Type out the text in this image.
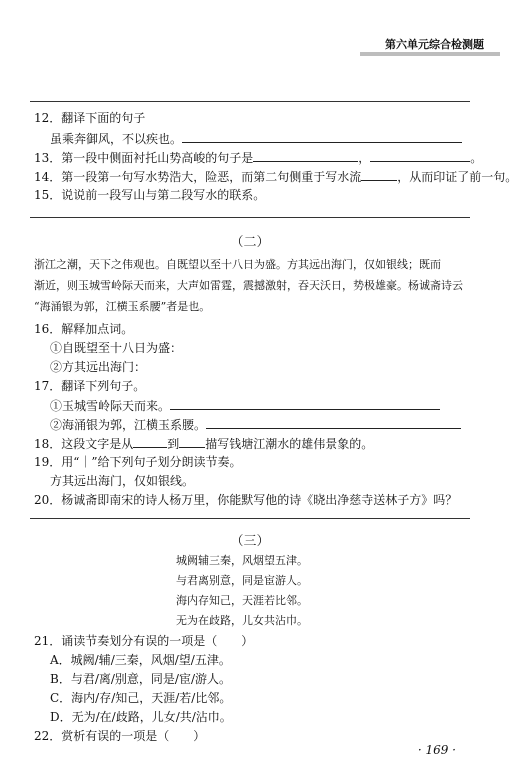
第六单元综合检测题
12．翻译下面的句子
虽乘奔御风，不以疾也。
13．第一段中侧面衬托山势高峻的句子是	，	。
14．第一段第一句写水势浩大，险恶，而第二句侧重于写水流	，从而印证了前一句。
15．说说前一段写山与第二段写水的联系。
（二）
浙江之潮，天下之伟观也。自既望以至十八日为盛。方其远出海门，仅如银线；既而
渐近，则玉城雪岭际天而来，大声如雷霆，震撼激射，吞天沃日，势极雄豪。杨诚斋诗云
“海涌银为郭，江横玉系腰”者是也。
16．解释加点词。
①自既望至十八日为盛：
②方其远出海门：
17．翻译下列句子。
①玉城雪岭际天而来。
②海涌银为郭，江横玉系腰。
18．这段文字是从	到 描写钱塘江潮水的雄伟景象的。
19．用“｜”给下列句子划分朗读节奏。
方其远出海门，仅如银线。
20．杨诚斋即南宋的诗人杨万里，你能默写他的诗《晓出净慈寺送林子方》吗？
（三）
城阙辅三秦，风烟望五津。
与君离别意，同是宦游人。
海内存知己，天涯若比邻。
无为在歧路，儿女共沾巾。
21．诵读节奏划分有误的一项是（　　）
A．城阙/辅/三秦，风烟/望/五津。
B．与君/离/别意，同是/宦/游人。
C．海内/存/知己，天涯/若/比邻。
D．无为/在/歧路，儿女/共/沾巾。
22．赏析有误的一项是（　　）
· 169 ·
